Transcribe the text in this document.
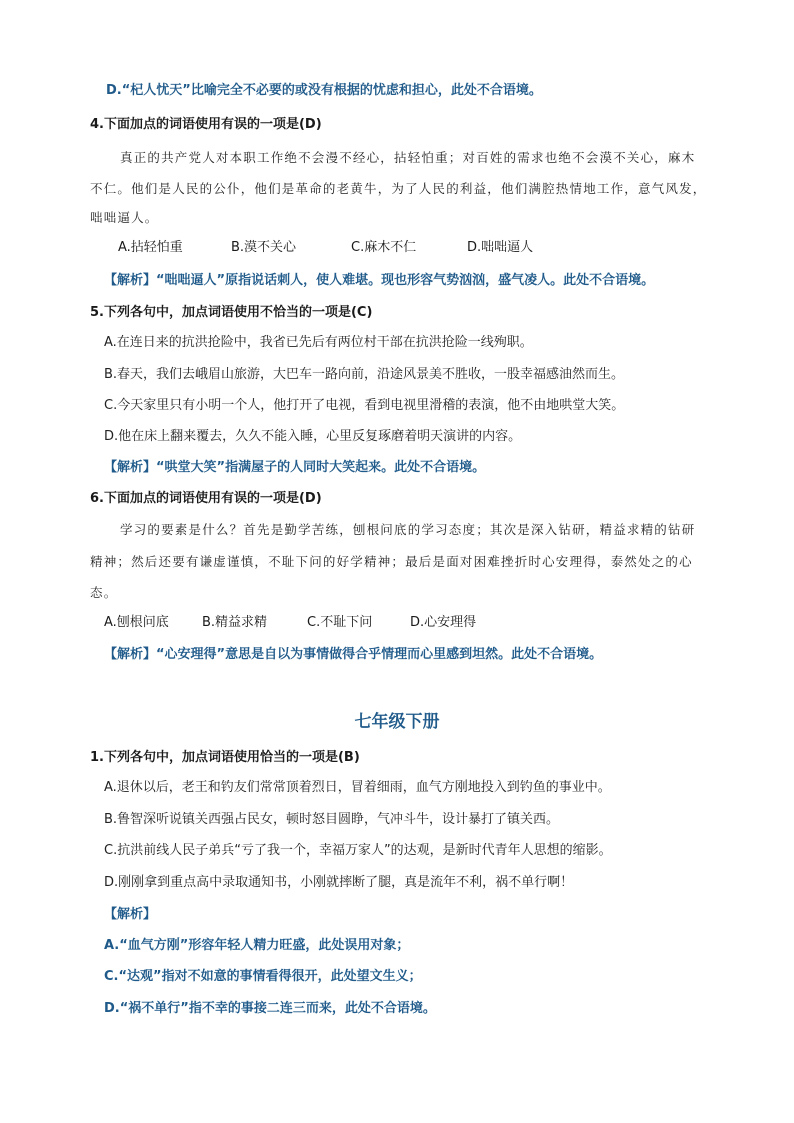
D.“杞人忧天”比喻完全不必要的或没有根据的忧虑和担心，此处不合语境。
4.下面加点的词语使用有误的一项是(D)
真正的共产党人对本职工作绝不会漫不经心，拈轻怕重；对百姓的需求也绝不会漠不关心，麻木
不仁。他们是人民的公仆，他们是革命的老黄牛，为了人民的利益，他们满腔热情地工作，意气风发，
咄咄逼人。
A.拈轻怕重	B.漠不关心	C.麻木不仁	D.咄咄逼人
【解析】“咄咄逼人”原指说话刺人，使人难堪。现也形容气势汹汹，盛气凌人。此处不合语境。
5.下列各句中，加点词语使用不恰当的一项是(C)
A.在连日来的抗洪抢险中，我省已先后有两位村干部在抗洪抢险一线殉职。
B.春天，我们去峨眉山旅游，大巴车一路向前，沿途风景美不胜收，一股幸福感油然而生。
C.今天家里只有小明一个人，他打开了电视，看到电视里滑稽的表演，他不由地哄堂大笑。
D.他在床上翻来覆去，久久不能入睡，心里反复琢磨着明天演讲的内容。
【解析】“哄堂大笑”指满屋子的人同时大笑起来。此处不合语境。
6.下面加点的词语使用有误的一项是(D)
学习的要素是什么？首先是勤学苦练，刨根问底的学习态度；其次是深入钻研，精益求精的钻研
精神；然后还要有谦虚谨慎，不耻下问的好学精神；最后是面对困难挫折时心安理得，泰然处之的心
态。
A.刨根问底	B.精益求精	C.不耻下问	D.心安理得
【解析】“心安理得”意思是自以为事情做得合乎情理而心里感到坦然。此处不合语境。
七年级下册
1.下列各句中，加点词语使用恰当的一项是(B)
A.退休以后，老王和钓友们常常顶着烈日，冒着细雨，血气方刚地投入到钓鱼的事业中。
B.鲁智深听说镇关西强占民女，顿时怒目圆睁，气冲斗牛，设计暴打了镇关西。
C.抗洪前线人民子弟兵“亏了我一个，幸福万家人”的达观，是新时代青年人思想的缩影。
D.刚刚拿到重点高中录取通知书，小刚就摔断了腿，真是流年不利，祸不单行啊！
【解析】
A.“血气方刚”形容年轻人精力旺盛，此处误用对象；
C.“达观”指对不如意的事情看得很开，此处望文生义；
D.“祸不单行”指不幸的事接二连三而来，此处不合语境。
